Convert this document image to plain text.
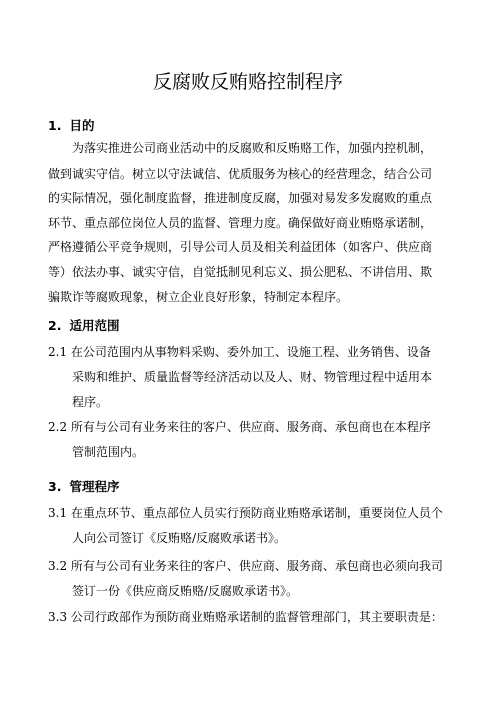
反腐败反贿赂控制程序
1. 目的

为落实推进公司商业活动中的反腐败和反贿赂工作，加强内控机制，

做到诚实守信。树立以守法诚信、优质服务为核心的经营理念，结合公司

的实际情况，强化制度监督，推进制度反腐，加强对易发多发腐败的重点

环节、重点部位岗位人员的监督、管理力度。确保做好商业贿赂承诺制，

严格遵循公平竞争规则，引导公司人员及相关利益团体（如客户、供应商

等）依法办事、诚实守信，自觉抵制见利忘义、损公肥私、不讲信用、欺

骗欺诈等腐败现象，树立企业良好形象，特制定本程序。

2. 适用范围

2.1 在公司范围内从事物料采购、委外加工、设施工程、业务销售、设备

采购和维护、质量监督等经济活动以及人、财、物管理过程中适用本

程序。

2.2 所有与公司有业务来往的客户、供应商、服务商、承包商也在本程序

管制范围内。

3. 管理程序

3.1 在重点环节、重点部位人员实行预防商业贿赂承诺制，重要岗位人员个

人向公司签订《反贿赂/反腐败承诺书》。

3.2 所有与公司有业务来往的客户、供应商、服务商、承包商也必须向我司

签订一份《供应商反贿赂/反腐败承诺书》。

3.3 公司行政部作为预防商业贿赂承诺制的监督管理部门，其主要职责是：
